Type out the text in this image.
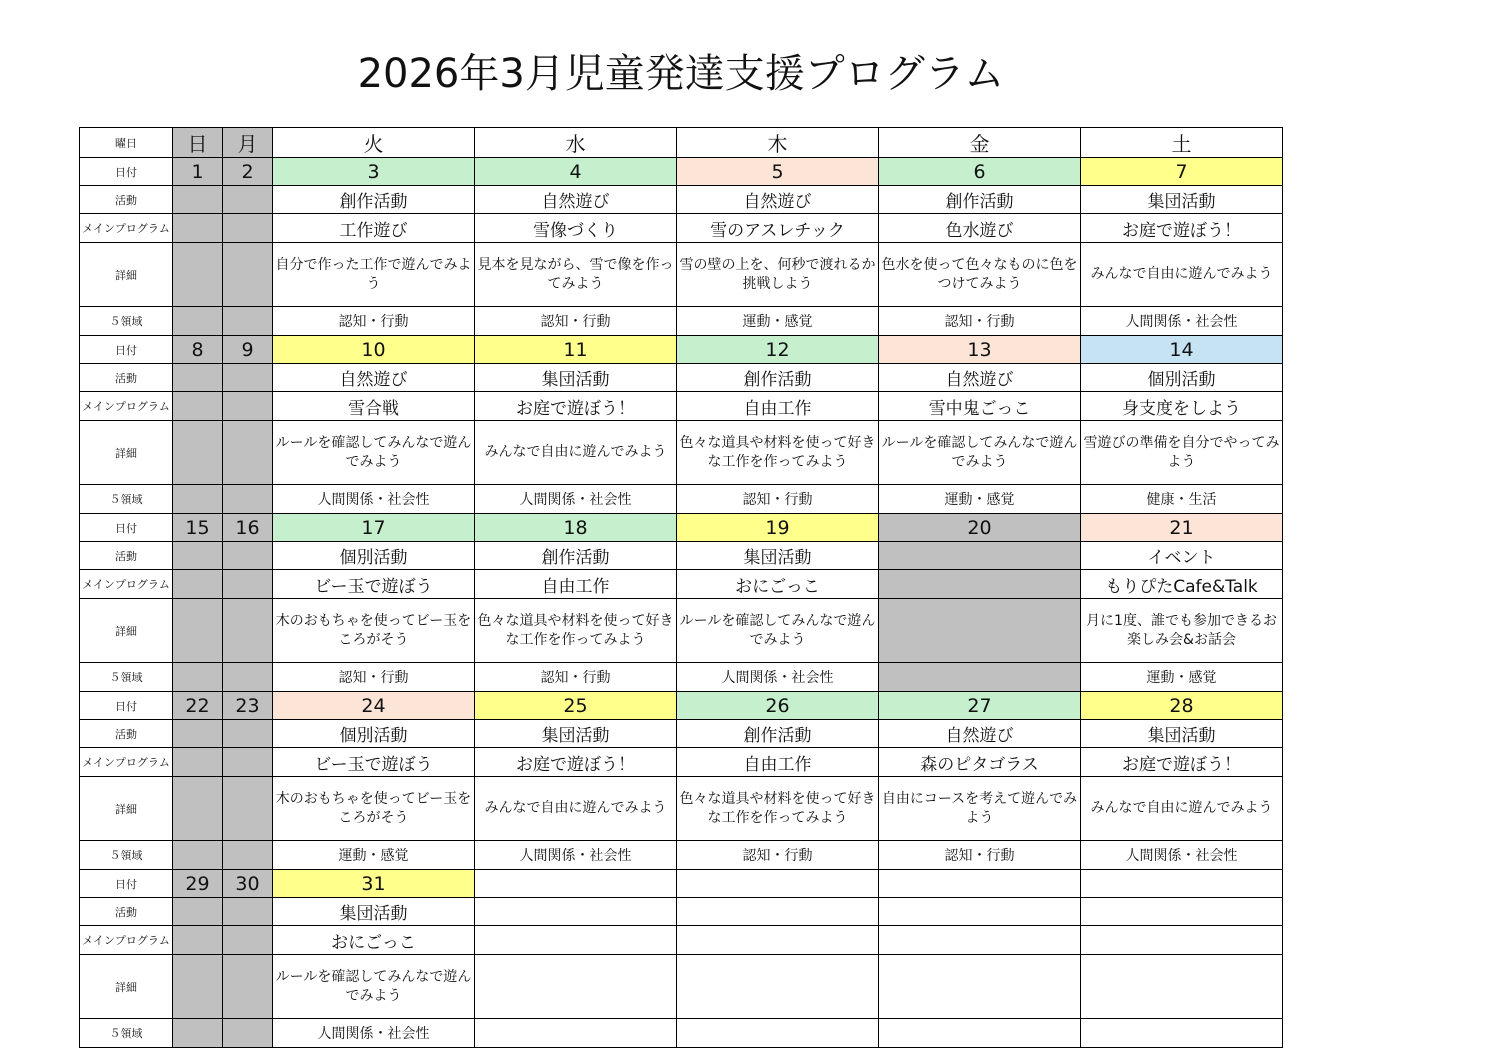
2026年3月児童発達支援プログラム
曜日	日	月	火	水	木	金	土
日付	1	2	3	4	5	6	7
活動			創作活動	自然遊び	自然遊び	創作活動	集団活動
メインプログラム			工作遊び	雪像づくり	雪のアスレチック	色水遊び	お庭で遊ぼう！
詳細			自分で作った工作で遊んでみよう	見本を見ながら、雪で像を作ってみよう	雪の壁の上を、何秒で渡れるか挑戦しよう	色水を使って色々なものに色をつけてみよう	みんなで自由に遊んでみよう
５領域			認知・行動	認知・行動	運動・感覚	認知・行動	人間関係・社会性
日付	8	9	10	11	12	13	14
活動			自然遊び	集団活動	創作活動	自然遊び	個別活動
メインプログラム			雪合戦	お庭で遊ぼう！	自由工作	雪中鬼ごっこ	身支度をしよう
詳細			ルールを確認してみんなで遊んでみよう	みんなで自由に遊んでみよう	色々な道具や材料を使って好きな工作を作ってみよう	ルールを確認してみんなで遊んでみよう	雪遊びの準備を自分でやってみよう
５領域			人間関係・社会性	人間関係・社会性	認知・行動	運動・感覚	健康・生活
日付	15	16	17	18	19	20	21
活動			個別活動	創作活動	集団活動		イベント
メインプログラム			ビー玉で遊ぼう	自由工作	おにごっこ		もりぴたCafe&Talk
詳細			木のおもちゃを使ってビー玉をころがそう	色々な道具や材料を使って好きな工作を作ってみよう	ルールを確認してみんなで遊んでみよう		月に1度、誰でも参加できるお楽しみ会&お話会
５領域			認知・行動	認知・行動	人間関係・社会性		運動・感覚
日付	22	23	24	25	26	27	28
活動			個別活動	集団活動	創作活動	自然遊び	集団活動
メインプログラム			ビー玉で遊ぼう	お庭で遊ぼう！	自由工作	森のピタゴラス	お庭で遊ぼう！
詳細			木のおもちゃを使ってビー玉をころがそう	みんなで自由に遊んでみよう	色々な道具や材料を使って好きな工作を作ってみよう	自由にコースを考えて遊んでみよう	みんなで自由に遊んでみよう
５領域			運動・感覚	人間関係・社会性	認知・行動	認知・行動	人間関係・社会性
日付	29	30	31				
活動			集団活動				
メインプログラム			おにごっこ				
詳細			ルールを確認してみんなで遊んでみよう				
５領域			人間関係・社会性				
